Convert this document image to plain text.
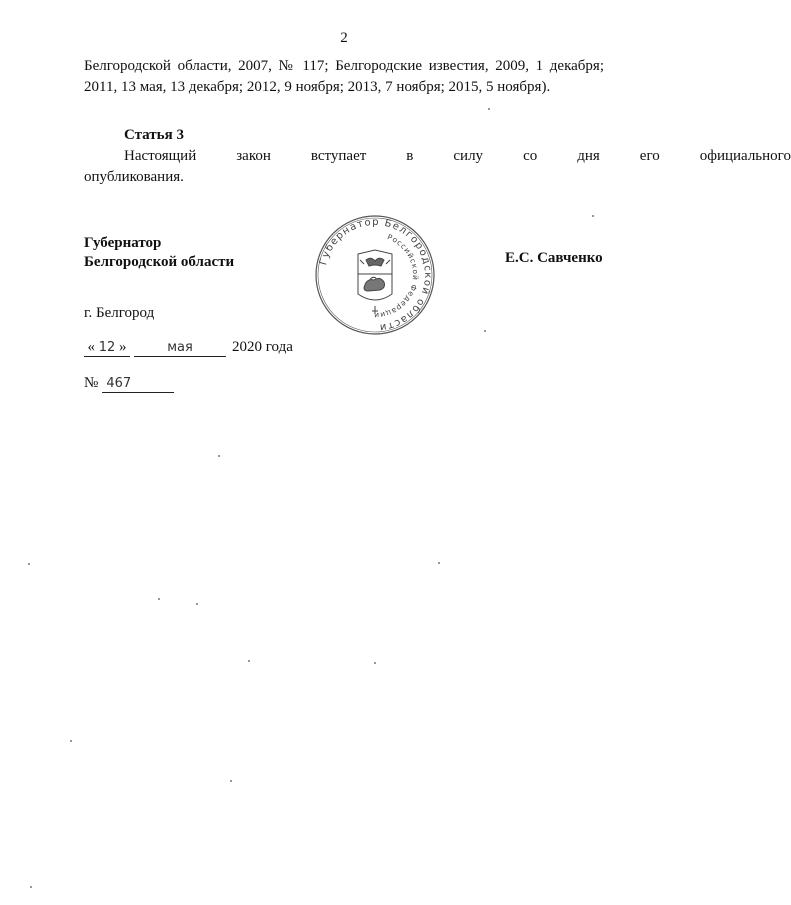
2
Белгородской области, 2007, № 117; Белгородские известия, 2009, 1 декабря; 2011, 13 мая, 13 декабря; 2012, 9 ноября; 2013, 7 ноября; 2015, 5 ноября).
Статья 3
Настоящий	закон	вступает	в	силу	со	дня	его	официального
опубликования.
Губернатор
Белгородской области	Губернатор Белгородской области
Российской Федерации
Е.С. Савченко
г. Белгород
« 12 »	мая	2020 года
№ 467
